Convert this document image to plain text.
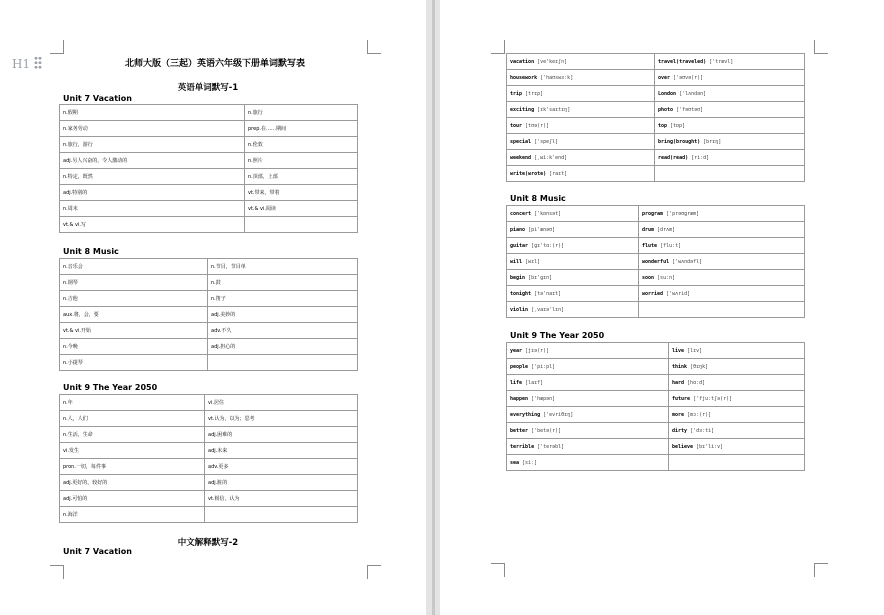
H1	北师大版（三起）英语六年级下册单词默写表
英语单词默写-1
Unit 7 Vacation
n.假期	n.旅行
n.家务劳动	prep.在……期间
n.旅行，游行	n.伦敦
adj.另人兴奋的，令人激动的	n.照片
n.特定，既然	n.顶部，上部
adj.特别的	vt.带来，带着
n.周末	vt.& vi.阅读
vt.& vi.写	
Unit 8 Music
n.音乐会	n.节目，节目单
n.钢琴	n.鼓
n.吉他	n.笛子
aux.将，会，要	adj.美妙的
vt.& vi.开始	adv.不久
n.今晚	adj.担心的
n.小提琴	
Unit 9 The Year 2050
n.年	vi.居住
n.人，人们	vt.认为，以为；思考
n.生活，生命	adj.困难的
vi.发生	adj.未来
pron.一切，每件事	adv.更多
adj.更好的，较好的	adj.脏的
adj.可怕的	vt.相信，认为
n.海洋	
中文解释默写-2
Unit 7 Vacation
vacation [ve'keɪʃn]	travel(traveled) ['trævl]
housework ['haʊswɜːk]	over ['əʊvə(r)]
trip [trɪp]	London ['lʌndən]
exciting [ɪk'saɪtɪŋ]	photo ['fəʊtəʊ]
tour [tʊə(r)]	top [tɒp]
special ['speʃl]	bring(brought) [brɪŋ]
weekend [ˌwiːk'end]	read(read) [riːd]
write(wrote) [raɪt]	
Unit 8 Music
concert ['kɒnsət]	program ['prəʊɡræm]
piano [pi'ænəʊ]	drum [drʌm]
guitar [ɡɪ'tɑː(r)]	flute [fluːt]
will [wɪl]	wonderful ['wʌndəfl]
begin [bɪ'ɡɪn]	soon [suːn]
tonight [tə'naɪt]	worried ['wʌrid]
violin [ˌvaɪə'lɪn]	
Unit 9 The Year 2050
year [jɪə(r)]	live [lɪv]
people ['piːpl]	think [θɪŋk]
life [laɪf]	hard [hɑːd]
happen ['hæpən]	future ['fjuːtʃə(r)]
everything ['evriθɪŋ]	more [mɔː(r)]
better ['betə(r)]	dirty ['dɜːti]
terrible ['terəbl]	believe [bɪ'liːv]
sea [siː]	
